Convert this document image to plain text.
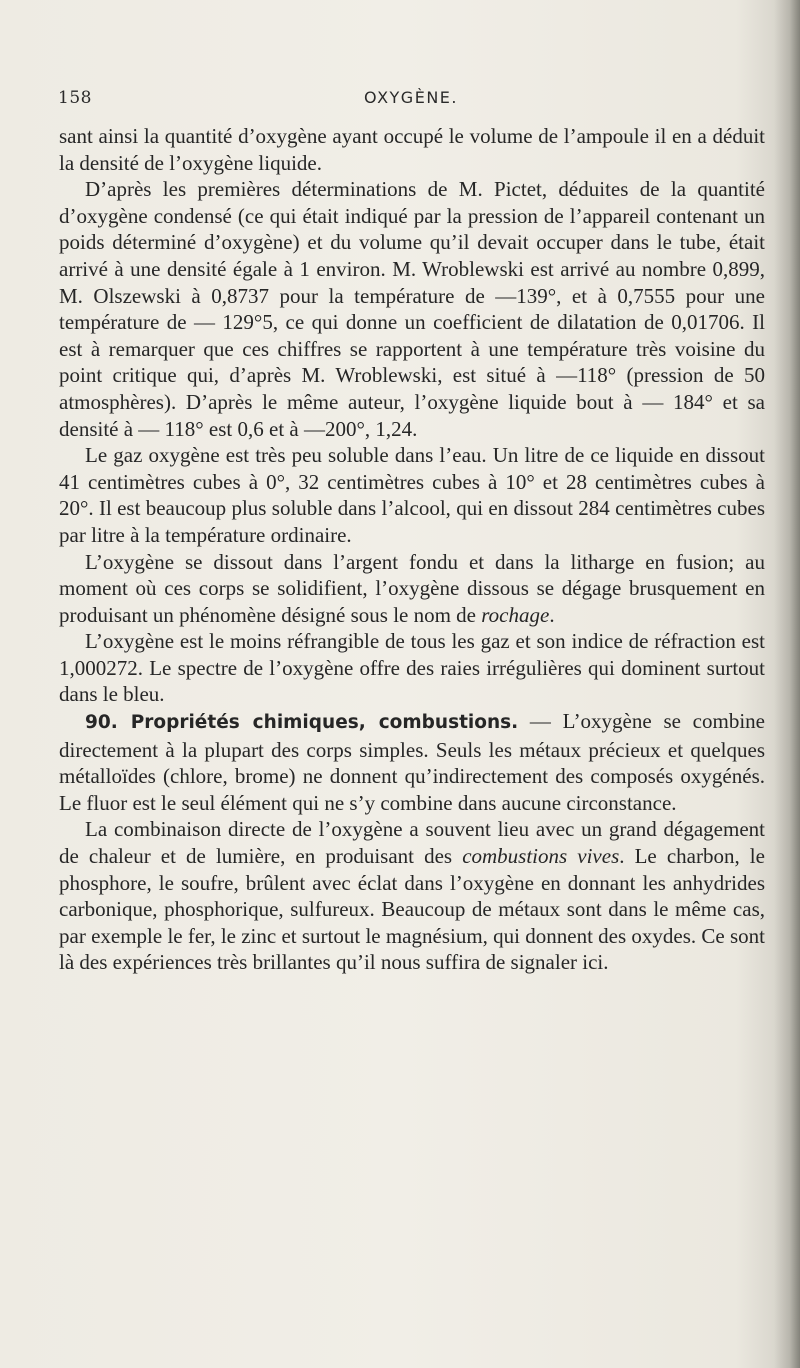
158	OXYGÈNE.

sant ainsi la quantité d’oxygène ayant occupé le volume de l’ampoule il en a déduit la densité de l’oxygène liquide.

D’après les premières déterminations de M. Pictet, déduites de la quantité d’oxygène condensé (ce qui était indiqué par la pression de l’appareil contenant un poids déterminé d’oxygène) et du volume qu’il devait occuper dans le tube, était arrivé à une densité égale à 1 environ. M. Wroblewski est arrivé au nombre 0,899, M. Olszewski à 0,8737 pour la température de —139°, et à 0,7555 pour une température de — 129°5, ce qui donne un coefficient de dilatation de 0,01706. Il est à remarquer que ces chiffres se rapportent à une température très voisine du point critique qui, d’après M. Wroblewski, est situé à —118° (pression de 50 atmosphères). D’après le même auteur, l’oxygène liquide bout à — 184° et sa densité à — 118° est 0,6 et à —200°, 1,24.

Le gaz oxygène est très peu soluble dans l’eau. Un litre de ce liquide en dissout 41 centimètres cubes à 0°, 32 centimètres cubes à 10° et 28 centimètres cubes à 20°. Il est beaucoup plus soluble dans l’alcool, qui en dissout 284 centimètres cubes par litre à la température ordinaire.

L’oxygène se dissout dans l’argent fondu et dans la litharge en fusion; au moment où ces corps se solidifient, l’oxygène dissous se dégage brusquement en produisant un phénomène désigné sous le nom de rochage.

L’oxygène est le moins réfrangible de tous les gaz et son indice de réfraction est 1,000272. Le spectre de l’oxygène offre des raies irrégulières qui dominent surtout dans le bleu.

90. Propriétés chimiques, combustions. — L’oxygène se combine directement à la plupart des corps simples. Seuls les métaux précieux et quelques métalloïdes (chlore, brome) ne donnent qu’indirectement des composés oxygénés. Le fluor est le seul élément qui ne s’y combine dans aucune circonstance.

La combinaison directe de l’oxygène a souvent lieu avec un grand dégagement de chaleur et de lumière, en produisant des combustions vives. Le charbon, le phosphore, le soufre, brûlent avec éclat dans l’oxygène en donnant les anhydrides carbonique, phosphorique, sulfureux. Beaucoup de métaux sont dans le même cas, par exemple le fer, le zinc et surtout le magnésium, qui donnent des oxydes. Ce sont là des expériences très brillantes qu’il nous suffira de signaler ici.
